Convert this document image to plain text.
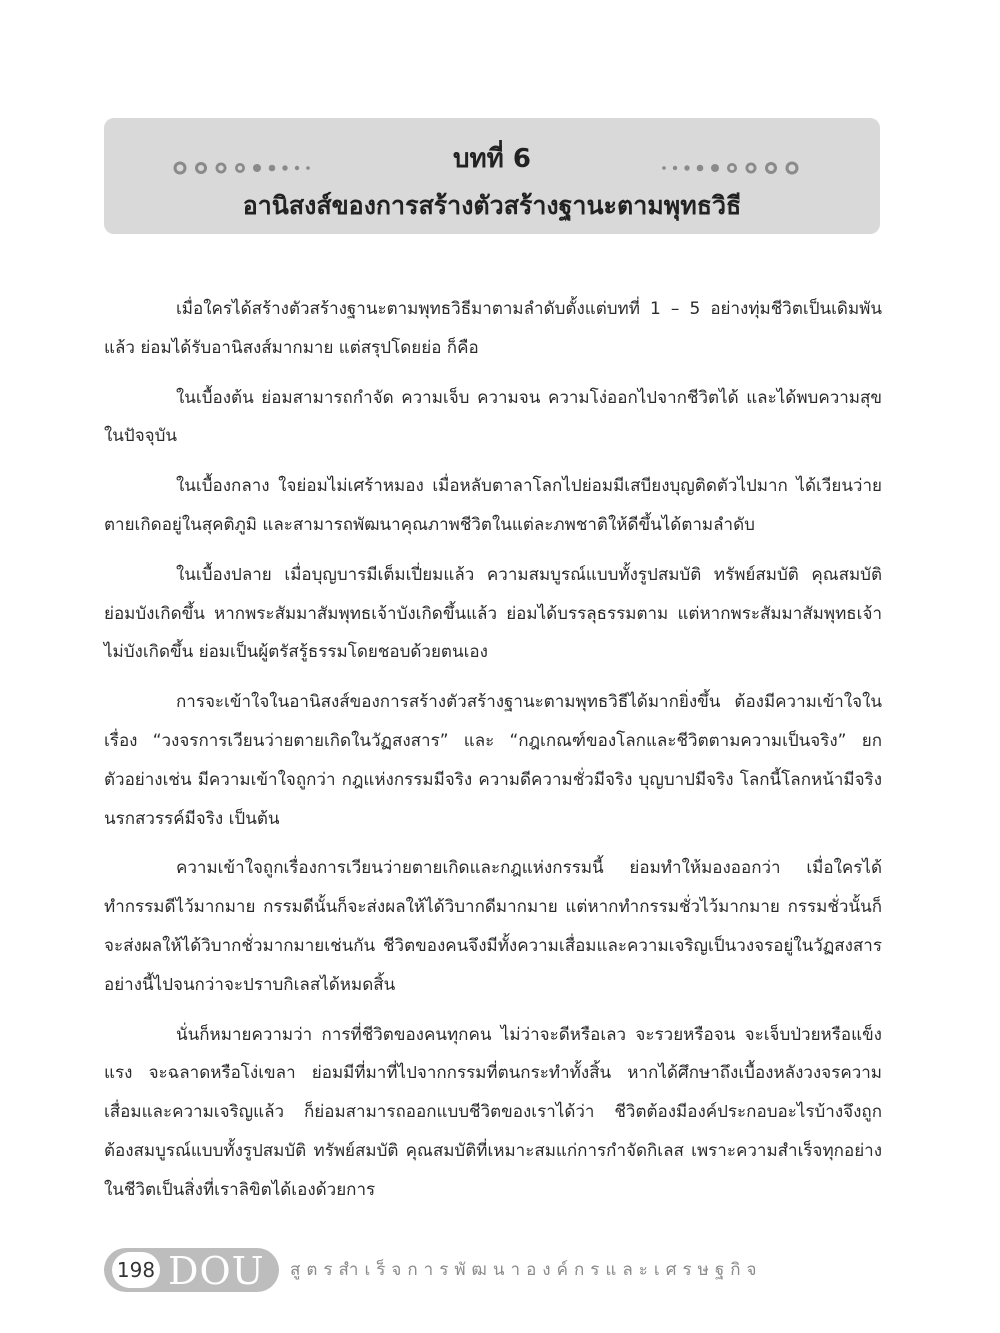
บทที่ 6
อานิสงส์ของการสร้างตัวสร้างฐานะตามพุทธวิธี

เมื่อใครได้สร้างตัวสร้างฐานะตามพุทธวิธีมาตามลำดับตั้งแต่บทที่ 1 – 5 อย่างทุ่มชีวิตเป็นเดิมพันแล้ว ย่อมได้รับอานิสงส์มากมาย แต่สรุปโดยย่อ ก็คือ

ในเบื้องต้น ย่อมสามารถกำจัด ความเจ็บ ความจน ความโง่ออกไปจากชีวิตได้ และได้พบความสุขในปัจจุบัน

ในเบื้องกลาง ใจย่อมไม่เศร้าหมอง เมื่อหลับตาลาโลกไปย่อมมีเสบียงบุญติดตัวไปมาก ได้เวียนว่ายตายเกิดอยู่ในสุคติภูมิ และสามารถพัฒนาคุณภาพชีวิตในแต่ละภพชาติให้ดีขึ้นได้ตามลำดับ

ในเบื้องปลาย เมื่อบุญบารมีเต็มเปี่ยมแล้ว ความสมบูรณ์แบบทั้งรูปสมบัติ ทรัพย์สมบัติ คุณสมบัติย่อมบังเกิดขึ้น หากพระสัมมาสัมพุทธเจ้าบังเกิดขึ้นแล้ว ย่อมได้บรรลุธรรมตาม แต่หากพระสัมมาสัมพุทธเจ้าไม่บังเกิดขึ้น ย่อมเป็นผู้ตรัสรู้ธรรมโดยชอบด้วยตนเอง

การจะเข้าใจในอานิสงส์ของการสร้างตัวสร้างฐานะตามพุทธวิธีได้มากยิ่งขึ้น ต้องมีความเข้าใจในเรื่อง “วงจรการเวียนว่ายตายเกิดในวัฏสงสาร” และ “กฎเกณฑ์ของโลกและชีวิตตามความเป็นจริง” ยกตัวอย่างเช่น มีความเข้าใจถูกว่า กฎแห่งกรรมมีจริง ความดีความชั่วมีจริง บุญบาปมีจริง โลกนี้โลกหน้ามีจริง นรกสวรรค์มีจริง เป็นต้น

ความเข้าใจถูกเรื่องการเวียนว่ายตายเกิดและกฎแห่งกรรมนี้ ย่อมทำให้มองออกว่า เมื่อใครได้ทำกรรมดีไว้มากมาย กรรมดีนั้นก็จะส่งผลให้ได้วิบากดีมากมาย แต่หากทำกรรมชั่วไว้มากมาย กรรมชั่วนั้นก็จะส่งผลให้ได้วิบากชั่วมากมายเช่นกัน ชีวิตของคนจึงมีทั้งความเสื่อมและความเจริญเป็นวงจรอยู่ในวัฏสงสารอย่างนี้ไปจนกว่าจะปราบกิเลสได้หมดสิ้น

นั่นก็หมายความว่า การที่ชีวิตของคนทุกคน ไม่ว่าจะดีหรือเลว จะรวยหรือจน จะเจ็บป่วยหรือแข็งแรง จะฉลาดหรือโง่เขลา ย่อมมีที่มาที่ไปจากกรรมที่ตนกระทำทั้งสิ้น หากได้ศึกษาถึงเบื้องหลังวงจรความเสื่อมและความเจริญแล้ว ก็ย่อมสามารถออกแบบชีวิตของเราได้ว่า ชีวิตต้องมีองค์ประกอบอะไรบ้างจึงถูกต้องสมบูรณ์แบบทั้งรูปสมบัติ ทรัพย์สมบัติ คุณสมบัติที่เหมาะสมแก่การกำจัดกิเลส เพราะความสำเร็จทุกอย่างในชีวิตเป็นสิ่งที่เราลิขิตได้เองด้วยการ

198 DOU สูตรสำเร็จการพัฒนาองค์กรและเศรษฐกิจ
